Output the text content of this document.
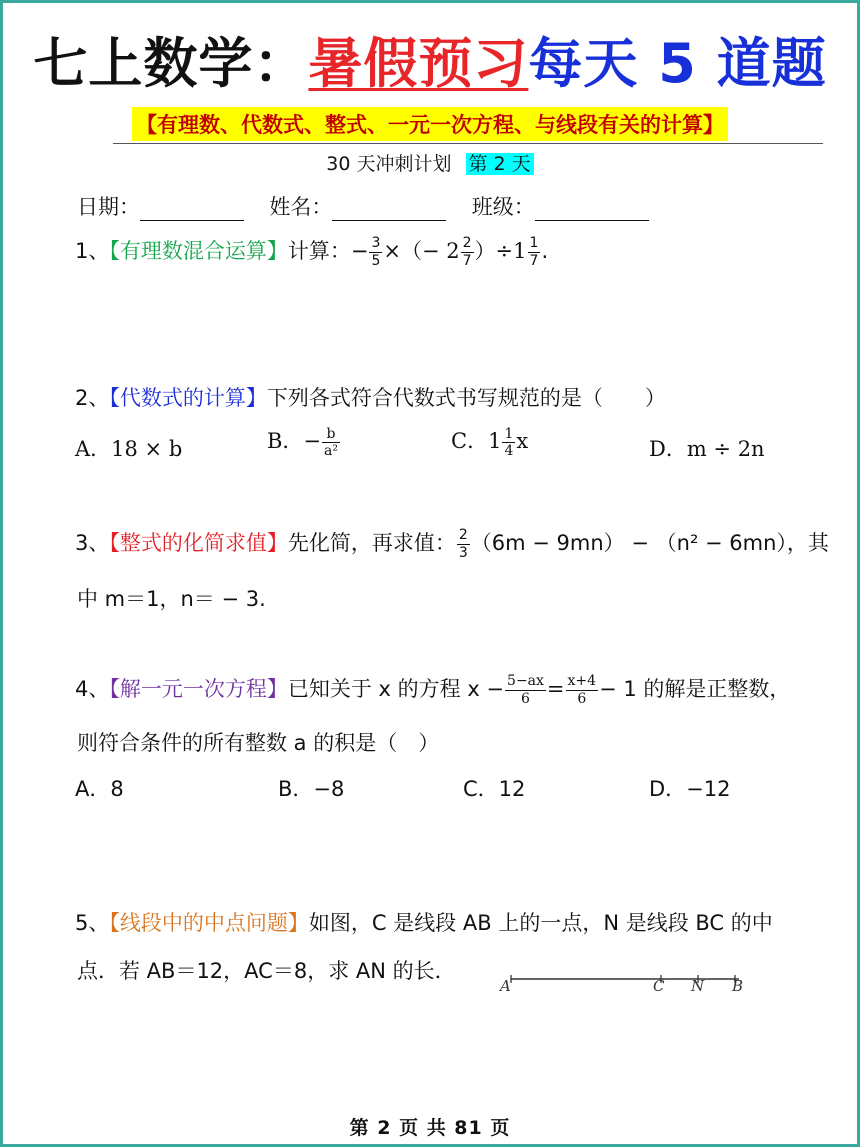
七上数学：暑假预习每天 5 道题
【有理数、代数式、整式、一元一次方程、与线段有关的计算】
30 天冲刺计划 第 2 天
日期：	姓名：	班级：
1、【有理数混合运算】计算：− $\frac{3}{5}$ ×（− $2 \frac{2}{7} )\div 1 \frac{1}{7}$ .
2、【代数式的计算】下列各式符合代数式书写规范的是（　　）
A．18 × b	B．− $\frac{b}{\text{a²}}$	C．$1 \frac{1}{4}$ x	D．m ÷ 2n
3、【整式的化简求值】先化简，再求值： $\frac{2}{3} (6m - 9mn) - (n^2 - 6mn)$，其
中 m＝1，n＝ − 3.
4、【解一元一次方程】已知关于 x 的方程 $x - \frac{5-ax}{6} = \frac{x+4}{6} - 1$ 的解是正整数，
则符合条件的所有整数 a 的积是（　）
A．8	B．−8	C．12	D．−12
5、【线段中的中点问题】如图，C 是线段 AB 上的一点，N 是线段 BC 的中
点．若 AB＝12，AC＝8，求 AN 的长．
A	C N B
第 2 页 共 81 页
